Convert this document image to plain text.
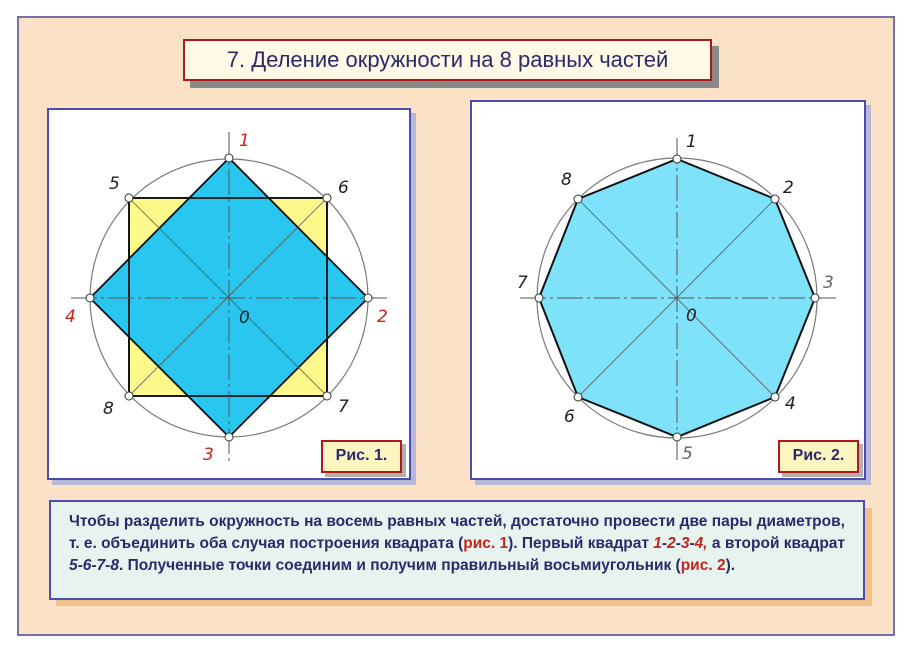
7. Деление окружности на 8 равных частей
1
2
3
4
5	6
7
8
0
Рис. 1.
1
2
3
4
5
6
7
8
0
Рис. 2.
Чтобы разделить окружность на восемь равных частей, достаточно провести две пары диаметров, т. е. объединить оба случая построения квадрата (рис. 1). Первый квадрат 1-2-3-4, а второй квадрат 5-6-7-8. Полученные точки соединим и получим правильный восьмиугольник (рис. 2).
